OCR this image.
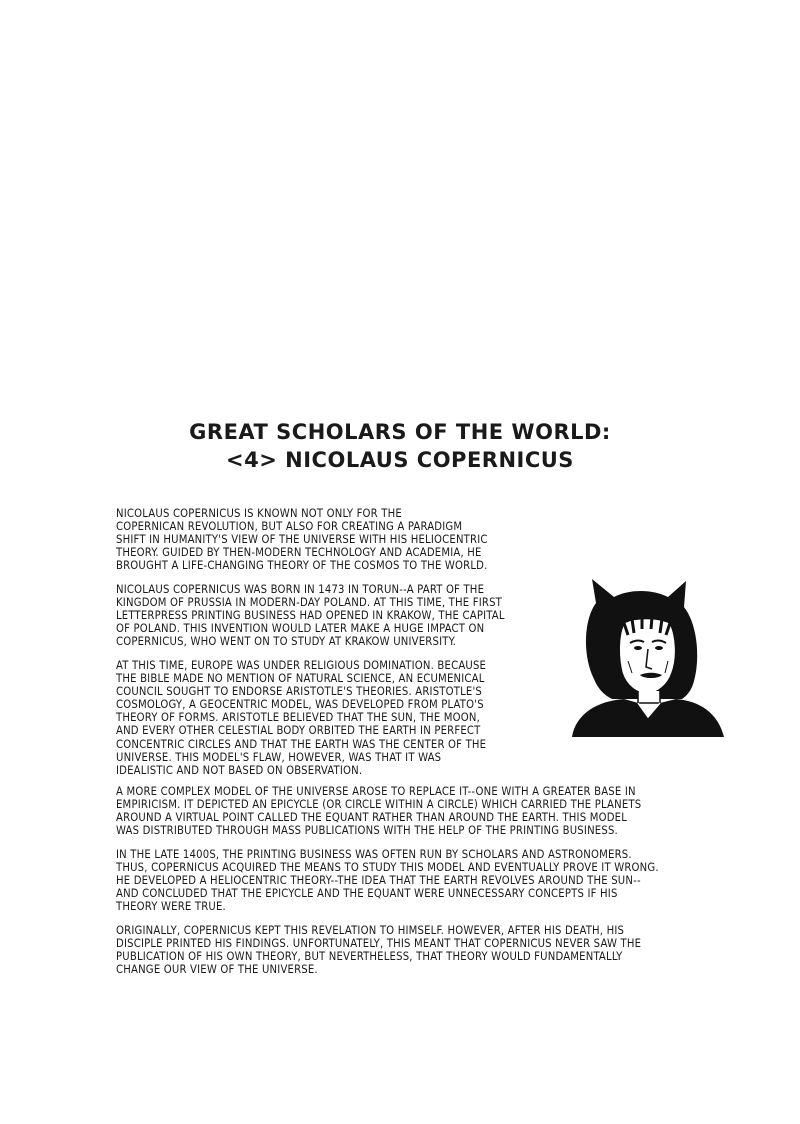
GREAT SCHOLARS OF THE WORLD:
<4> NICOLAUS COPERNICUS
NICOLAUS COPERNICUS IS KNOWN NOT ONLY FOR THE
COPERNICAN REVOLUTION, BUT ALSO FOR CREATING A PARADIGM
SHIFT IN HUMANITY'S VIEW OF THE UNIVERSE WITH HIS HELIOCENTRIC
THEORY. GUIDED BY THEN-MODERN TECHNOLOGY AND ACADEMIA, HE
BROUGHT A LIFE-CHANGING THEORY OF THE COSMOS TO THE WORLD.
NICOLAUS COPERNICUS WAS BORN IN 1473 IN TORUN--A PART OF THE
KINGDOM OF PRUSSIA IN MODERN-DAY POLAND. AT THIS TIME, THE FIRST
LETTERPRESS PRINTING BUSINESS HAD OPENED IN KRAKOW, THE CAPITAL
OF POLAND. THIS INVENTION WOULD LATER MAKE A HUGE IMPACT ON
COPERNICUS, WHO WENT ON TO STUDY AT KRAKOW UNIVERSITY.
AT THIS TIME, EUROPE WAS UNDER RELIGIOUS DOMINATION. BECAUSE
THE BIBLE MADE NO MENTION OF NATURAL SCIENCE, AN ECUMENICAL
COUNCIL SOUGHT TO ENDORSE ARISTOTLE'S THEORIES. ARISTOTLE'S
COSMOLOGY, A GEOCENTRIC MODEL, WAS DEVELOPED FROM PLATO'S
THEORY OF FORMS. ARISTOTLE BELIEVED THAT THE SUN, THE MOON,
AND EVERY OTHER CELESTIAL BODY ORBITED THE EARTH IN PERFECT
CONCENTRIC CIRCLES AND THAT THE EARTH WAS THE CENTER OF THE
UNIVERSE. THIS MODEL'S FLAW, HOWEVER, WAS THAT IT WAS
IDEALISTIC AND NOT BASED ON OBSERVATION.
A MORE COMPLEX MODEL OF THE UNIVERSE AROSE TO REPLACE IT--ONE WITH A GREATER BASE IN
EMPIRICISM. IT DEPICTED AN EPICYCLE (OR CIRCLE WITHIN A CIRCLE) WHICH CARRIED THE PLANETS
AROUND A VIRTUAL POINT CALLED THE EQUANT RATHER THAN AROUND THE EARTH. THIS MODEL
WAS DISTRIBUTED THROUGH MASS PUBLICATIONS WITH THE HELP OF THE PRINTING BUSINESS.
IN THE LATE 1400S, THE PRINTING BUSINESS WAS OFTEN RUN BY SCHOLARS AND ASTRONOMERS.
THUS, COPERNICUS ACQUIRED THE MEANS TO STUDY THIS MODEL AND EVENTUALLY PROVE IT WRONG.
HE DEVELOPED A HELIOCENTRIC THEORY--THE IDEA THAT THE EARTH REVOLVES AROUND THE SUN--
AND CONCLUDED THAT THE EPICYCLE AND THE EQUANT WERE UNNECESSARY CONCEPTS IF HIS
THEORY WERE TRUE.
ORIGINALLY, COPERNICUS KEPT THIS REVELATION TO HIMSELF. HOWEVER, AFTER HIS DEATH, HIS
DISCIPLE PRINTED HIS FINDINGS. UNFORTUNATELY, THIS MEANT THAT COPERNICUS NEVER SAW THE
PUBLICATION OF HIS OWN THEORY, BUT NEVERTHELESS, THAT THEORY WOULD FUNDAMENTALLY
CHANGE OUR VIEW OF THE UNIVERSE.
